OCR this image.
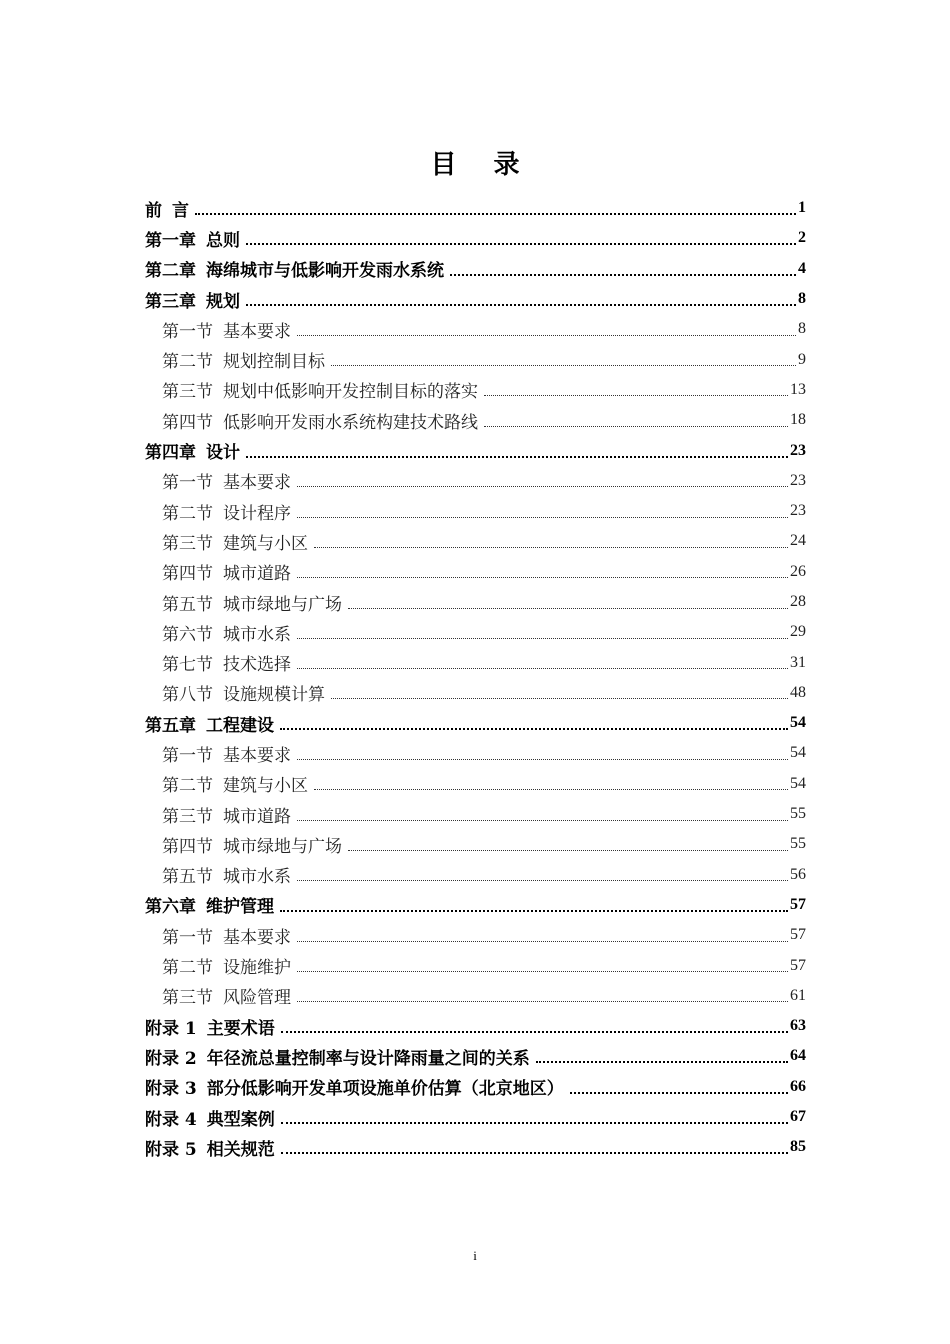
目 录
前 言	1
第一章 总则	2
第二章 海绵城市与低影响开发雨水系统	4
第三章 规划	8
第一节 基本要求	8
第二节 规划控制目标	9
第三节 规划中低影响开发控制目标的落实	13
第四节 低影响开发雨水系统构建技术路线	18
第四章 设计	23
第一节 基本要求	23
第二节 设计程序	23
第三节 建筑与小区	24
第四节 城市道路	26
第五节 城市绿地与广场	28
第六节 城市水系	29
第七节 技术选择	31
第八节 设施规模计算	48
第五章 工程建设	54
第一节 基本要求	54
第二节 建筑与小区	54
第三节 城市道路	55
第四节 城市绿地与广场	55
第五节 城市水系	56
第六章 维护管理	57
第一节 基本要求	57
第二节 设施维护	57
第三节 风险管理	61
附录 1 主要术语	63
附录 2 年径流总量控制率与设计降雨量之间的关系	64
附录 3 部分低影响开发单项设施单价估算（北京地区）	66
附录 4 典型案例	67
附录 5 相关规范	85
i
